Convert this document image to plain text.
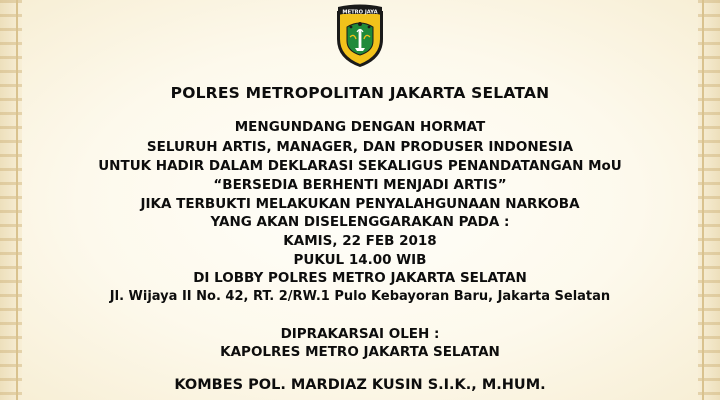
METRO JAYA
POLRES METROPOLITAN JAKARTA SELATAN
MENGUNDANG DENGAN HORMAT
SELURUH ARTIS, MANAGER, DAN PRODUSER INDONESIA
UNTUK HADIR DALAM DEKLARASI SEKALIGUS PENANDATANGAN MoU
“BERSEDIA BERHENTI MENJADI ARTIS”
JIKA TERBUKTI MELAKUKAN PENYALAHGUNAAN NARKOBA
YANG AKAN DISELENGGARAKAN PADA :
KAMIS, 22 FEB 2018
PUKUL 14.00 WIB
DI LOBBY POLRES METRO JAKARTA SELATAN
Jl. Wijaya II No. 42, RT. 2/RW.1 Pulo Kebayoran Baru, Jakarta Selatan
DIPRAKARSAI OLEH :
KAPOLRES METRO JAKARTA SELATAN
KOMBES POL. MARDIAZ KUSIN S.I.K., M.HUM.
